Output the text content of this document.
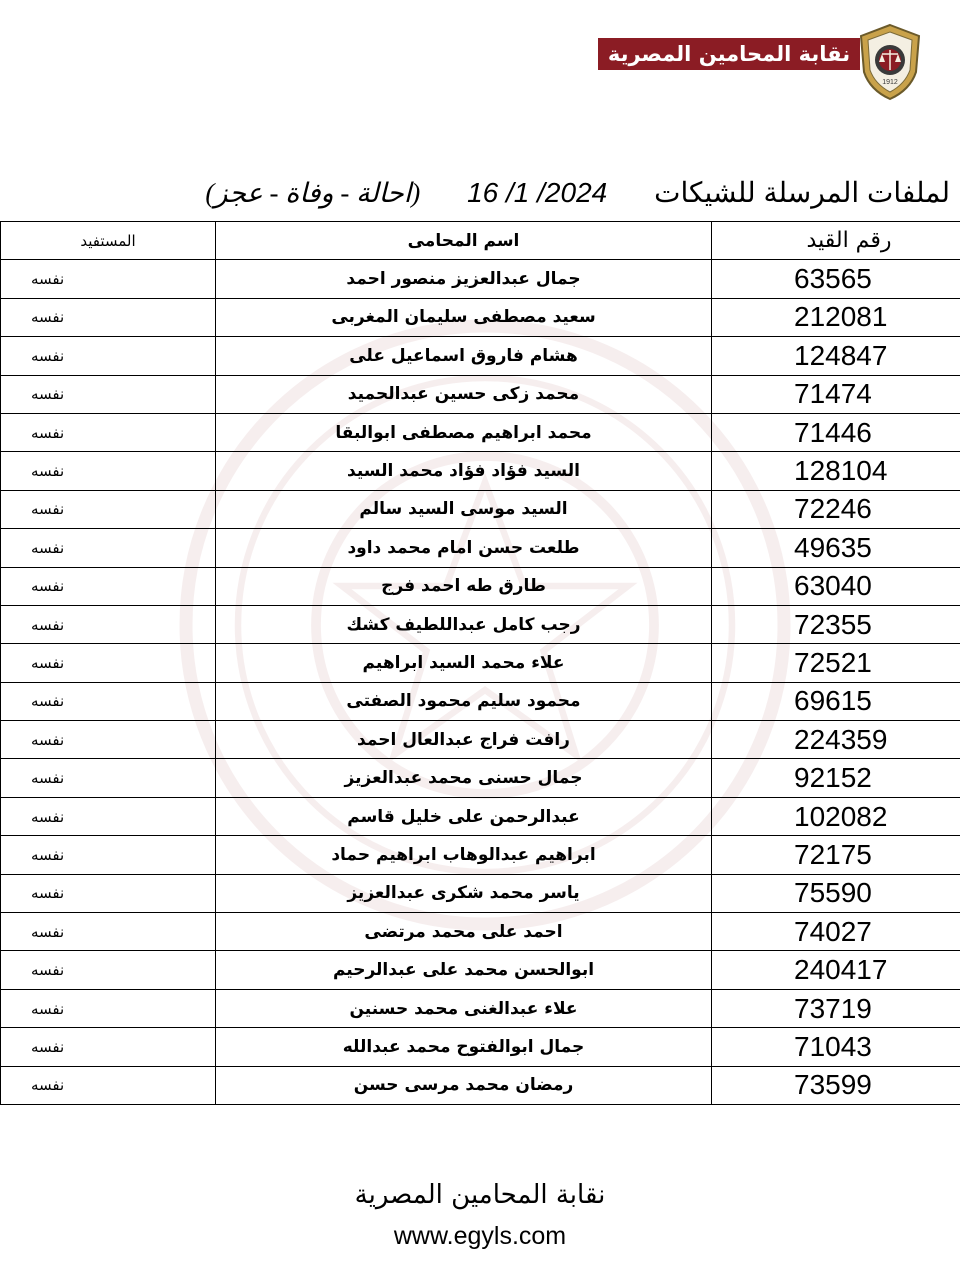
نقابة المحامين المصرية
1912
لملفات المرسلة للشيكات 16 /1 /2024 (احالة - وفاة - عجز)
المستفيد	اسم المحامى	رقم القيد
نفسه	جمال عبدالعزيز منصور احمد	63565
نفسه	سعيد مصطفى سليمان المغربى	212081
نفسه	هشام فاروق اسماعيل على	124847
نفسه	محمد زكى حسين عبدالحميد	71474
نفسه	محمد ابراهيم مصطفى ابوالبقا	71446
نفسه	السيد فؤاد فؤاد محمد السيد	128104
نفسه	السيد موسى السيد سالم	72246
نفسه	طلعت حسن امام محمد داود	49635
نفسه	طارق طه احمد فرج	63040
نفسه	رجب كامل عبداللطيف كشك	72355
نفسه	علاء محمد السيد ابراهيم	72521
نفسه	محمود سليم محمود الصفتى	69615
نفسه	رافت فراج عبدالعال احمد	224359
نفسه	جمال حسنى محمد عبدالعزيز	92152
نفسه	عبدالرحمن على خليل قاسم	102082
نفسه	ابراهيم عبدالوهاب ابراهيم حماد	72175
نفسه	ياسر محمد شكرى عبدالعزيز	75590
نفسه	احمد على محمد مرتضى	74027
نفسه	ابوالحسن محمد على عبدالرحيم	240417
نفسه	علاء عبدالغنى محمد حسنين	73719
نفسه	جمال ابوالفتوح محمد عبدالله	71043
نفسه	رمضان محمد مرسى حسن	73599
نقابة المحامين المصرية
www.egyls.com
